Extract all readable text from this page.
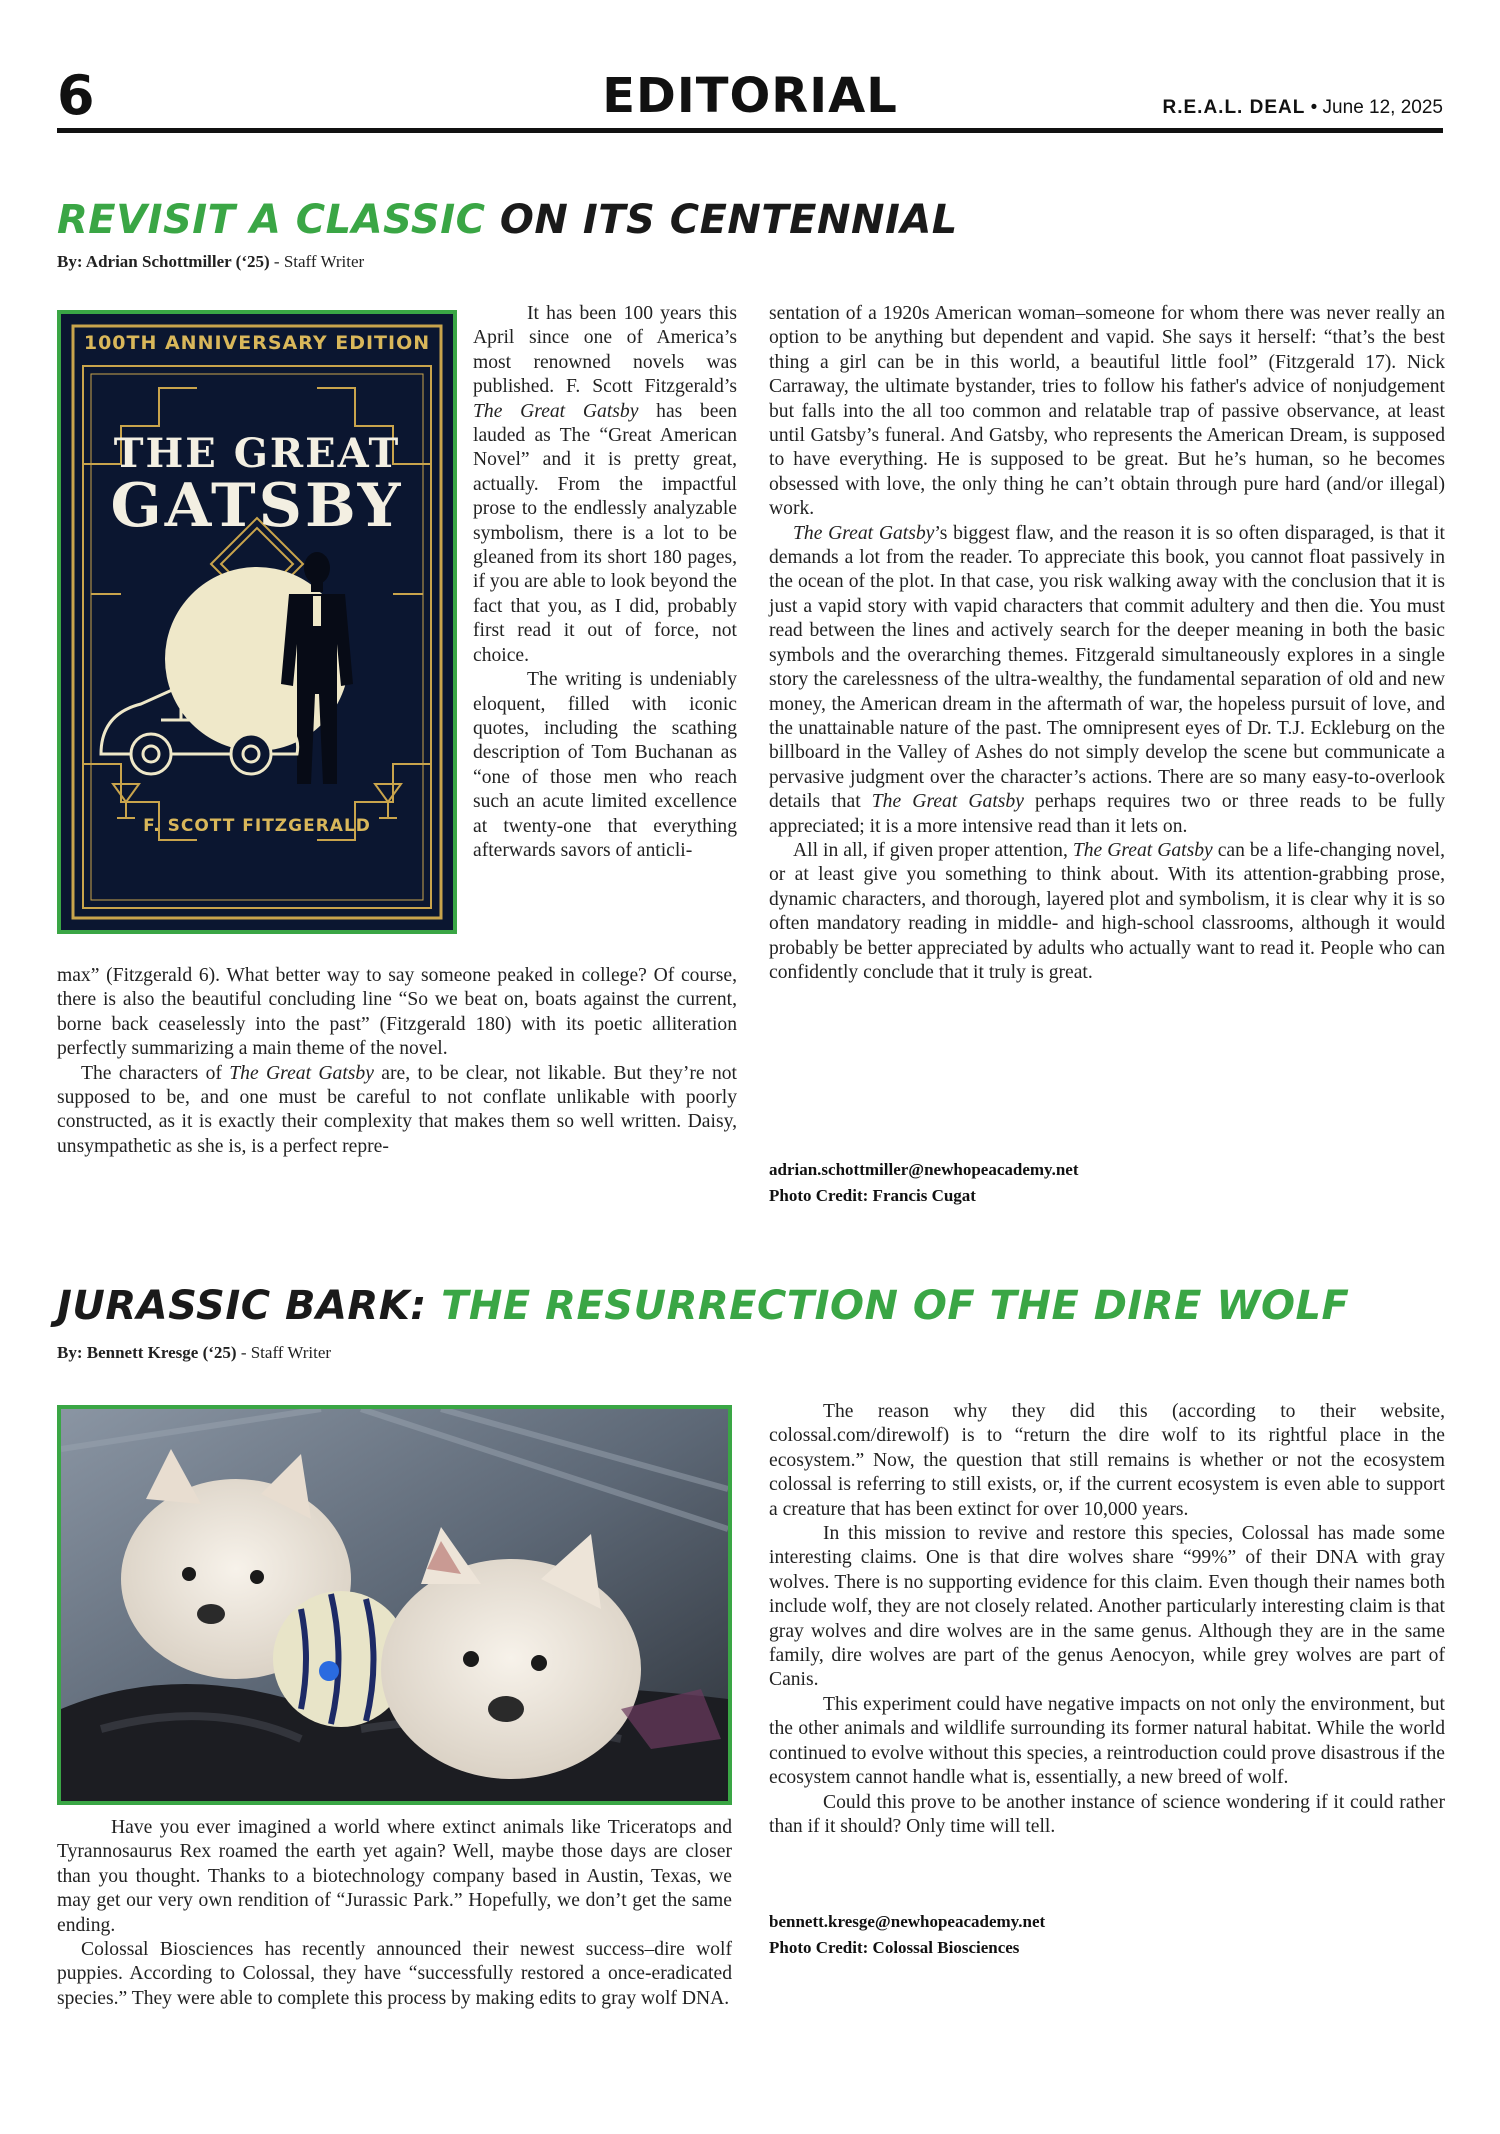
6	EDITORIAL	R.E.A.L. DEAL • June 12, 2025
REVISIT A CLASSIC ON ITS CENTENNIAL
By: Adrian Schottmiller (‘25) - Staff Writer
100TH ANNIVERSARY EDITION
THE GREAT
GATSBY
F. SCOTT FITZGERALD

It has been 100 years this April since one of America’s most renowned novels was published. F. Scott Fitzgerald’s The Great Gatsby has been lauded as The “Great American Novel” and it is pretty great, actually. From the impactful prose to the endlessly analyzable symbolism, there is a lot to be gleaned from its short 180 pages, if you are able to look beyond the fact that you, as I did, probably first read it out of force, not choice.

The writing is undeniably eloquent, filled with iconic quotes, including the scathing description of Tom Buchanan as “one of those men who reach such an acute limited excellence at twenty-one that everything afterwards savors of anticli-

max” (Fitzgerald 6). What better way to say someone peaked in college? Of course, there is also the beautiful concluding line “So we beat on, boats against the current, borne back ceaselessly into the past” (Fitzgerald 180) with its poetic alliteration perfectly summarizing a main theme of the novel.

The characters of The Great Gatsby are, to be clear, not likable. But they’re not supposed to be, and one must be careful to not conflate unlikable with poorly constructed, as it is exactly their complexity that makes them so well written. Daisy, unsympathetic as she is, is a perfect repre-

sentation of a 1920s American woman–someone for whom there was never really an option to be anything but dependent and vapid. She says it herself: “that’s the best thing a girl can be in this world, a beautiful little fool” (Fitzgerald 17). Nick Carraway, the ultimate bystander, tries to follow his father's advice of nonjudgement but falls into the all too common and relatable trap of passive observance, at least until Gatsby’s funeral. And Gatsby, who represents the American Dream, is supposed to have everything. He is supposed to be great. But he’s human, so he becomes obsessed with love, the only thing he can’t obtain through pure hard (and/or illegal) work.

The Great Gatsby’s biggest flaw, and the reason it is so often disparaged, is that it demands a lot from the reader. To appreciate this book, you cannot float passively in the ocean of the plot. In that case, you risk walking away with the conclusion that it is just a vapid story with vapid characters that commit adultery and then die. You must read between the lines and actively search for the deeper meaning in both the basic symbols and the overarching themes. Fitzgerald simultaneously explores in a single story the carelessness of the ultra-wealthy, the fundamental separation of old and new money, the American dream in the aftermath of war, the hopeless pursuit of love, and the unattainable nature of the past. The omnipresent eyes of Dr. T.J. Eckleburg on the billboard in the Valley of Ashes do not simply develop the scene but communicate a pervasive judgment over the character’s actions. There are so many easy-to-overlook details that The Great Gatsby perhaps requires two or three reads to be fully appreciated; it is a more intensive read than it lets on.

All in all, if given proper attention, The Great Gatsby can be a life-changing novel, or at least give you something to think about. With its attention-grabbing prose, dynamic characters, and thorough, layered plot and symbolism, it is clear why it is so often mandatory reading in middle- and high-school classrooms, although it would probably be better appreciated by adults who actually want to read it. People who can confidently conclude that it truly is great.

adrian.schottmiller@newhopeacademy.net
Photo Credit: Francis Cugat
JURASSIC BARK: THE RESURRECTION OF THE DIRE WOLF
By: Bennett Kresge (‘25) - Staff Writer

Have you ever imagined a world where extinct animals like Triceratops and Tyrannosaurus Rex roamed the earth yet again? Well, maybe those days are closer than you thought. Thanks to a biotechnology company based in Austin, Texas, we may get our very own rendition of “Jurassic Park.” Hopefully, we don’t get the same ending.

Colossal Biosciences has recently announced their newest success–dire wolf puppies. According to Colossal, they have “successfully restored a once-eradicated species.” They were able to complete this process by making edits to gray wolf DNA.

The reason why they did this (according to their website, colossal.com/direwolf) is to “return the dire wolf to its rightful place in the ecosystem.” Now, the question that still remains is whether or not the ecosystem colossal is referring to still exists, or, if the current ecosystem is even able to support a creature that has been extinct for over 10,000 years.

In this mission to revive and restore this species, Colossal has made some interesting claims. One is that dire wolves share “99%” of their DNA with gray wolves. There is no supporting evidence for this claim. Even though their names both include wolf, they are not closely related. Another particularly interesting claim is that gray wolves and dire wolves are in the same genus. Although they are in the same family, dire wolves are part of the genus Aenocyon, while grey wolves are part of Canis.

This experiment could have negative impacts on not only the environment, but the other animals and wildlife surrounding its former natural habitat. While the world continued to evolve without this species, a reintroduction could prove disastrous if the ecosystem cannot handle what is, essentially, a new breed of wolf.

Could this prove to be another instance of science wondering if it could rather than if it should? Only time will tell.

bennett.kresge@newhopeacademy.net
Photo Credit: Colossal Biosciences
